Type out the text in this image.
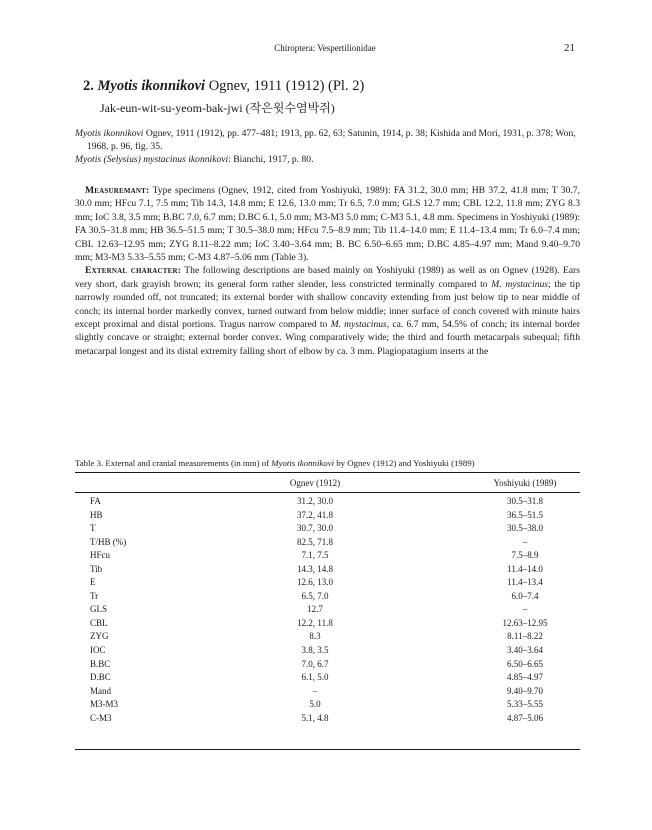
Chiroptera: Vespertilionidae	21
2. Myotis ikonnikovi Ognev, 1911 (1912) (Pl. 2)
Jak-eun-wit-su-yeom-bak-jwi (작은윗수염박쥐)

Myotis ikonnikovi Ognev, 1911 (1912), pp. 477–481; 1913, pp. 62, 63; Satunin, 1914, p. 38; Kishida and Mori, 1931, p. 378; Won, 1968, p. 96, fig. 35.

Myotis (Selysius) mystacinus ikonnikovi: Bianchi, 1917, p. 80.

Measuremant: Type specimens (Ognev, 1912, cited from Yoshiyuki, 1989): FA 31.2, 30.0 mm; HB 37.2, 41.8 mm; T 30.7, 30.0 mm; HFcu 7.1, 7.5 mm; Tib 14.3, 14.8 mm; E 12.6, 13.0 mm; Tr 6.5, 7.0 mm; GLS 12.7 mm; CBL 12.2, 11.8 mm; ZYG 8.3 mm; IoC 3.8, 3.5 mm; B.BC 7.0, 6.7 mm; D.BC 6.1, 5.0 mm; M3-M3 5.0 mm; C-M3 5.1, 4.8 mm. Specimens in Yoshiyuki (1989): FA 30.5–31.8 mm; HB 36.5–51.5 mm; T 30.5–38.0 mm; HFcu 7.5–8.9 mm; Tib 11.4–14.0 mm; E 11.4–13.4 mm; Tr 6.0–7.4 mm; CBL 12.63–12.95 mm; ZYG 8.11–8.22 mm; IoC 3.40–3.64 mm; B. BC 6.50–6.65 mm; D.BC 4.85–4.97 mm; Mand 9.40–9.70 mm; M3-M3 5.33–5.55 mm; C-M3 4.87–5.06 mm (Table 3).

External character: The following descriptions are based mainly on Yoshiyuki (1989) as well as on Ognev (1928). Ears very short, dark grayish brown; its general form rather slender, less constricted terminally compared to M. mystacinus; the tip narrowly rounded off, not truncated; its external border with shallow concavity extending from just below tip to near middle of conch; its internal border markedly convex, turned outward from below middle; inner surface of conch covered with minute hairs except proximal and distal portions. Tragus narrow compared to M. mystacinus, ca. 6.7 mm, 54.5% of conch; its internal border slightly concave or straight; external border convex. Wing comparatively wide; the third and fourth metacarpals subequal; fifth metacarpal longest and its distal extremity falling short of elbow by ca. 3 mm. Plagiopatagium inserts at the

Table 3. External and cranial measurements (in mm) of Myotis ikonnikovi by Ognev (1912) and Yoshiyuki (1989)
Ognev (1912)	Yoshiyuki (1989)
FA	31.2, 30.0	30.5–31.8
HB	37.2, 41.8	36.5–51.5
T	30.7, 30.0	30.5–38.0
T/HB (%)	82.5, 71.8	–
HFcu	7.1, 7.5	7.5–8.9
Tib	14.3, 14.8	11.4–14.0
E	12.6, 13.0	11.4–13.4
Tr	6.5, 7.0	6.0–7.4
GLS	12.7	–
CBL	12.2, 11.8	12.63–12.95
ZYG	8.3	8.11–8.22
IOC	3.8, 3.5	3.40–3.64
B.BC	7.0, 6.7	6.50–6.65
D.BC	6.1, 5.0	4.85–4.97
Mand	–	9.40–9.70
M3-M3	5.0	5.33–5.55
C-M3	5.1, 4.8	4.87–5.06
